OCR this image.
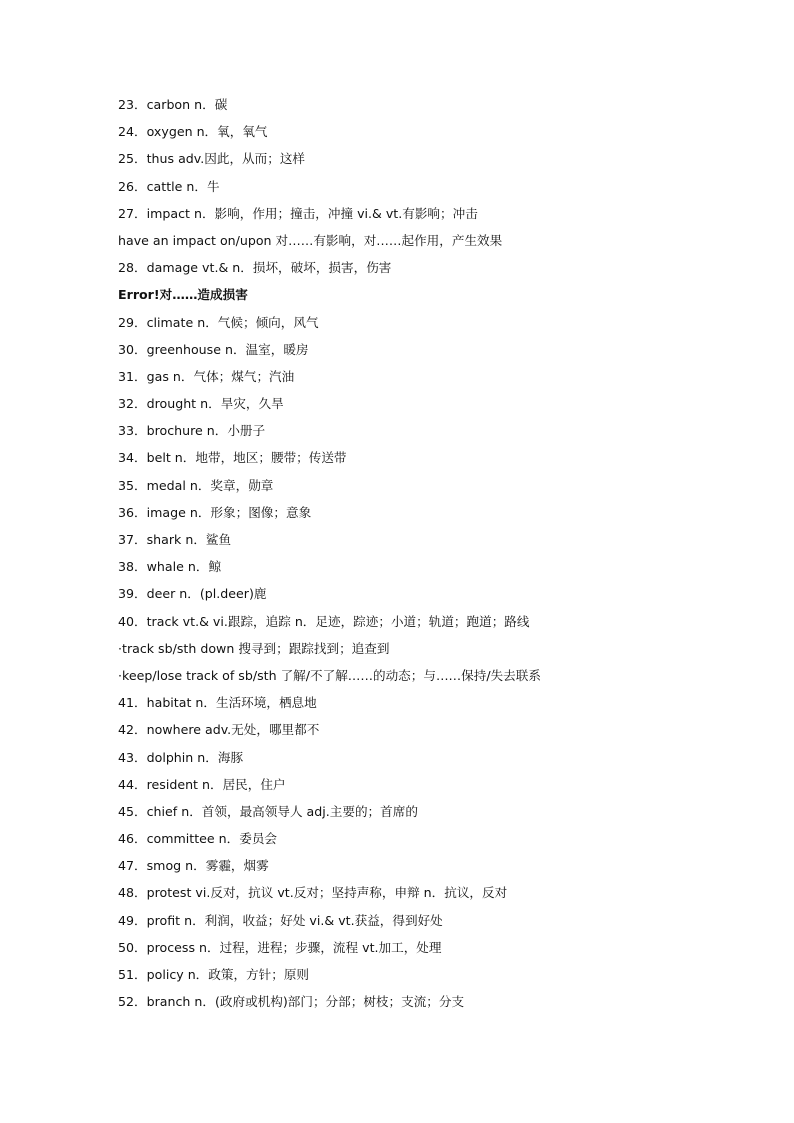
23．carbon n．碳
24．oxygen n．氧，氧气
25．thus adv.因此，从而；这样
26．cattle n．牛
27．impact n．影响，作用；撞击，冲撞 vi.& vt.有影响；冲击
have an impact on/upon 对……有影响，对……起作用，产生效果
28．damage vt.& n．损坏，破坏，损害，伤害
Error!对……造成损害
29．climate n．气候；倾向，风气
30．greenhouse n．温室，暖房
31．gas n．气体；煤气；汽油
32．drought n．旱灾，久旱
33．brochure n．小册子
34．belt n．地带，地区；腰带；传送带
35．medal n．奖章，勋章
36．image n．形象；图像；意象
37．shark n．鲨鱼
38．whale n．鲸
39．deer n．(pl.deer)鹿
40．track vt.& vi.跟踪，追踪 n．足迹，踪迹；小道；轨道；跑道；路线
·track sb/sth down 搜寻到；跟踪找到；追查到
·keep/lose track of sb/sth 了解/不了解……的动态；与……保持/失去联系
41．habitat n．生活环境，栖息地
42．nowhere adv.无处，哪里都不
43．dolphin n．海豚
44．resident n．居民，住户
45．chief n．首领，最高领导人 adj.主要的；首席的
46．committee n．委员会
47．smog n．雾霾，烟雾
48．protest vi.反对，抗议 vt.反对；坚持声称，申辩 n．抗议，反对
49．profit n．利润，收益；好处 vi.& vt.获益，得到好处
50．process n．过程，进程；步骤，流程 vt.加工，处理
51．policy n．政策，方针；原则
52．branch n．(政府或机构)部门；分部；树枝；支流；分支
